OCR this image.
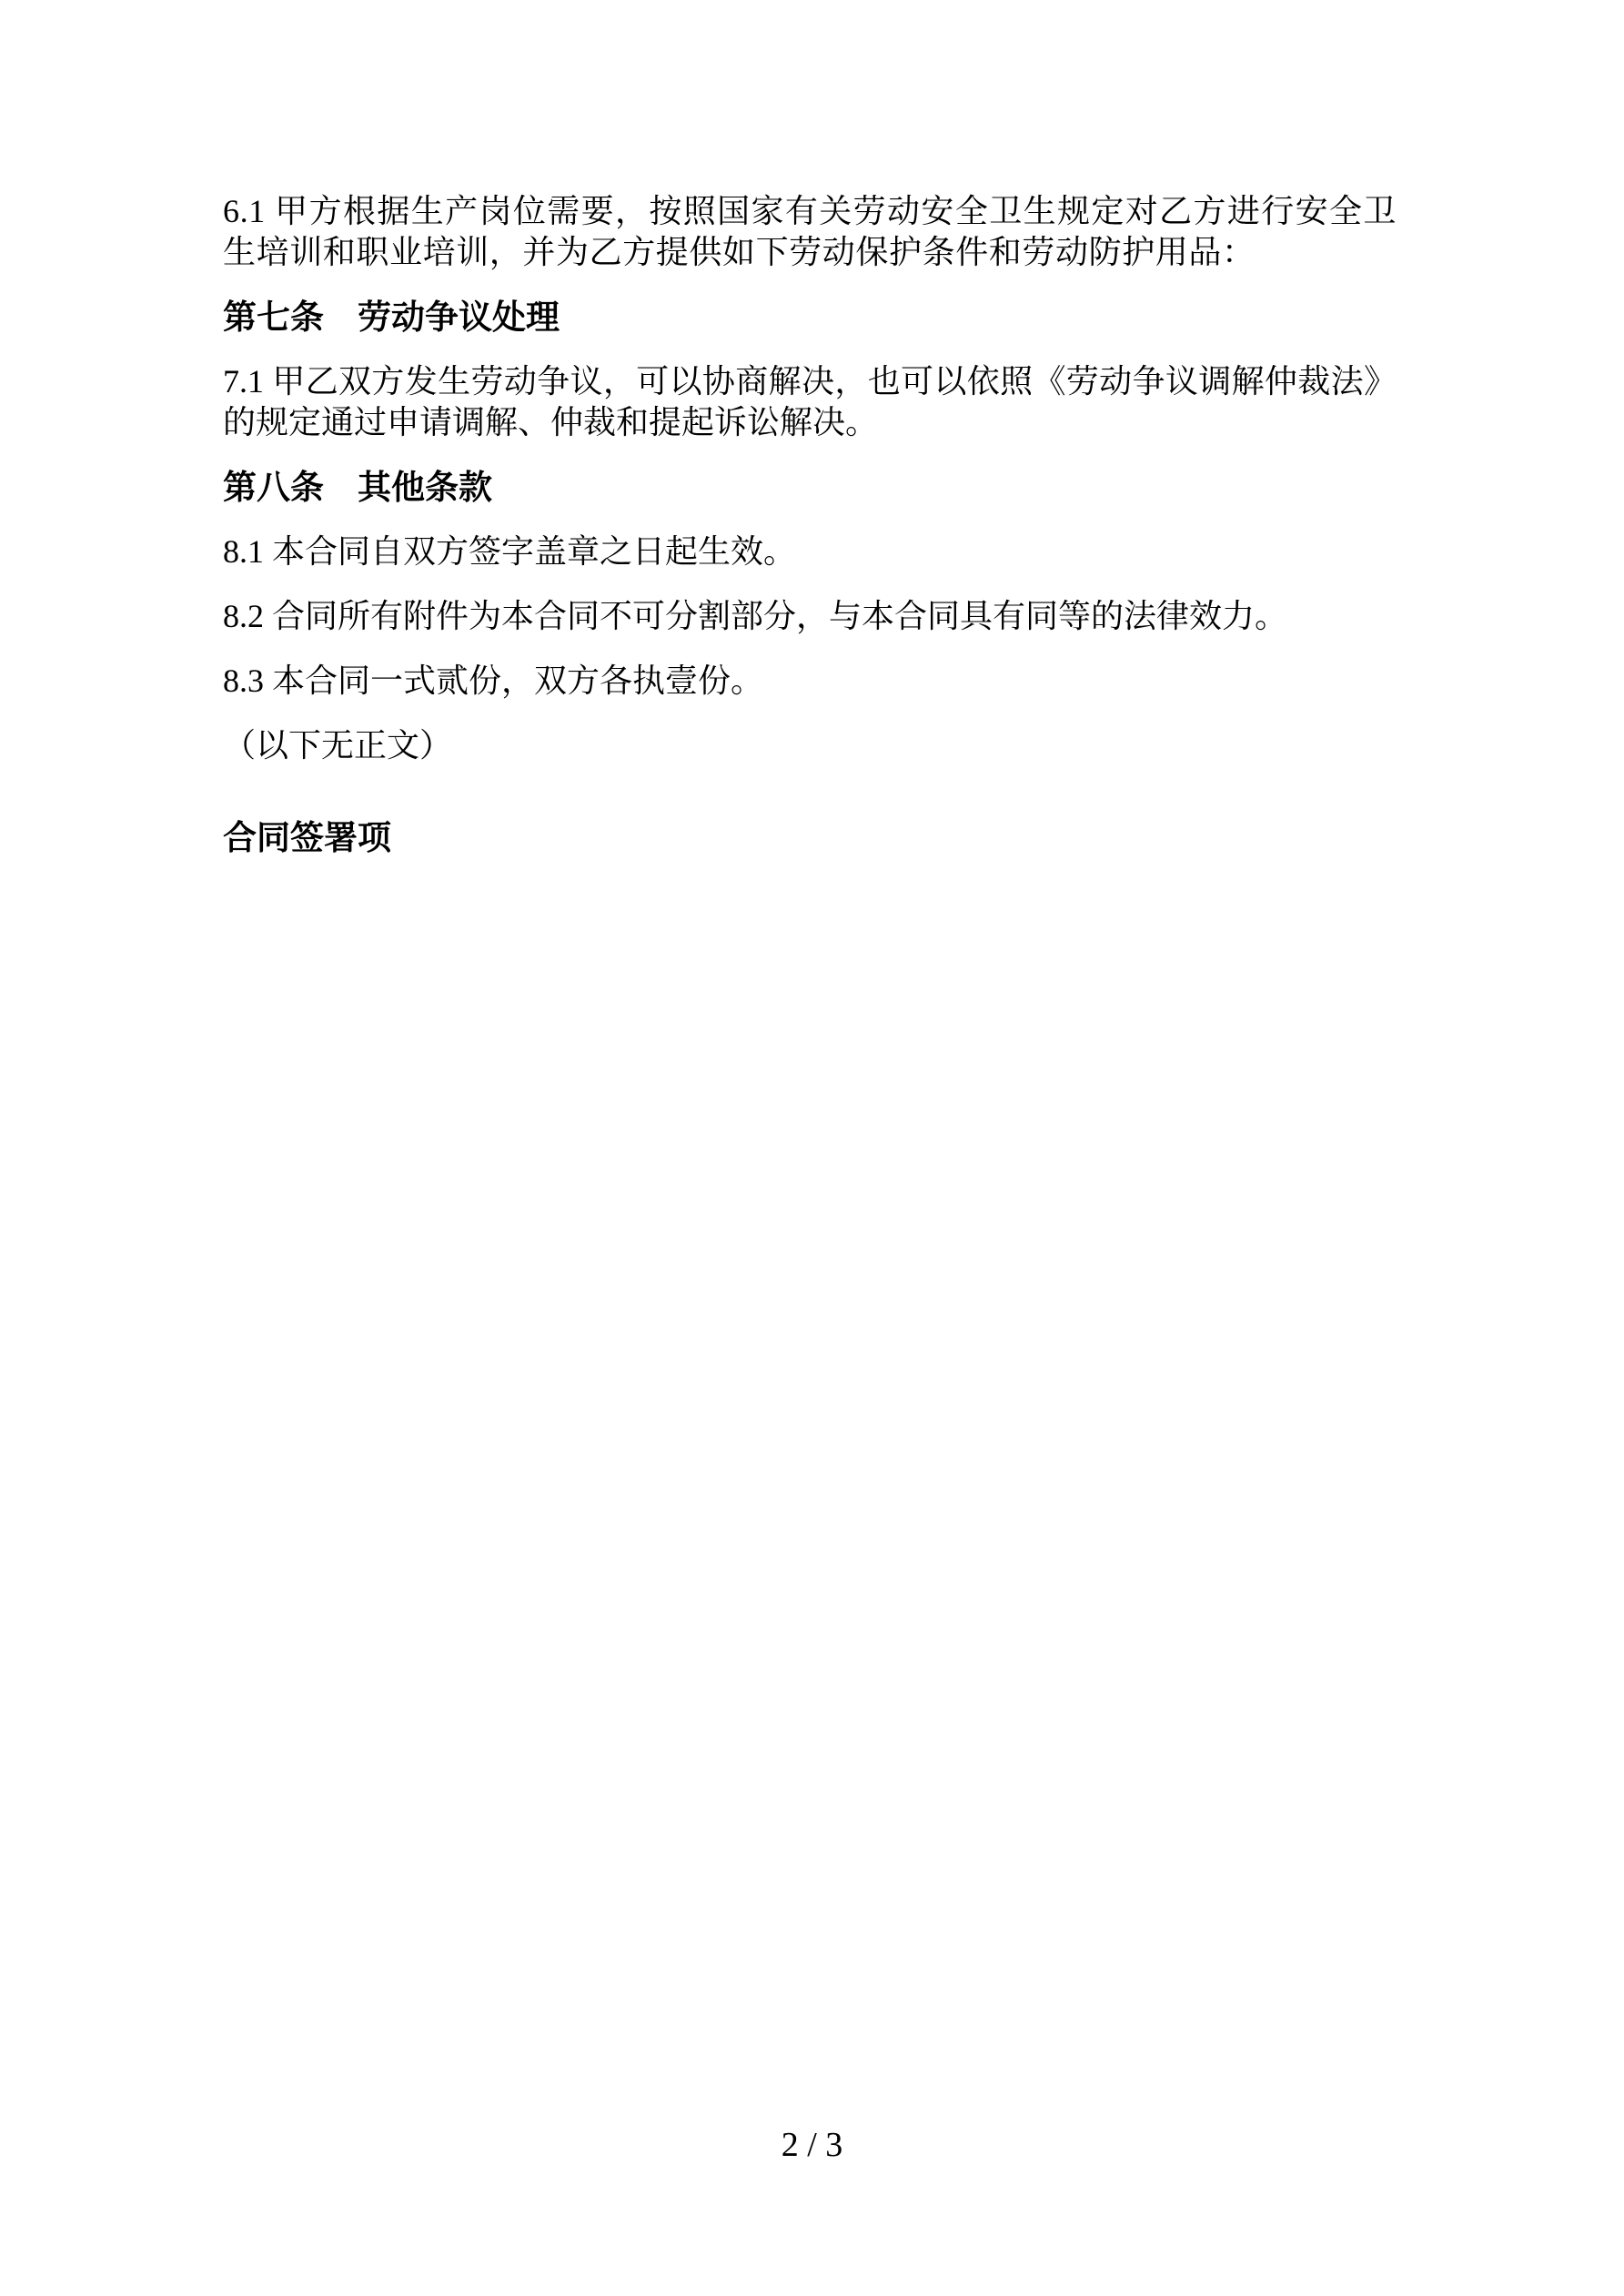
6.1 甲方根据生产岗位需要，按照国家有关劳动安全卫生规定对乙方进行安全卫生培训和职业培训，并为乙方提供如下劳动保护条件和劳动防护用品：

第七条　劳动争议处理

7.1 甲乙双方发生劳动争议，可以协商解决，也可以依照《劳动争议调解仲裁法》的规定通过申请调解、仲裁和提起诉讼解决。

第八条　其他条款

8.1 本合同自双方签字盖章之日起生效。

8.2 合同所有附件为本合同不可分割部分，与本合同具有同等的法律效力。

8.3 本合同一式贰份，双方各执壹份。

（以下无正文）

合同签署项
2 / 3
